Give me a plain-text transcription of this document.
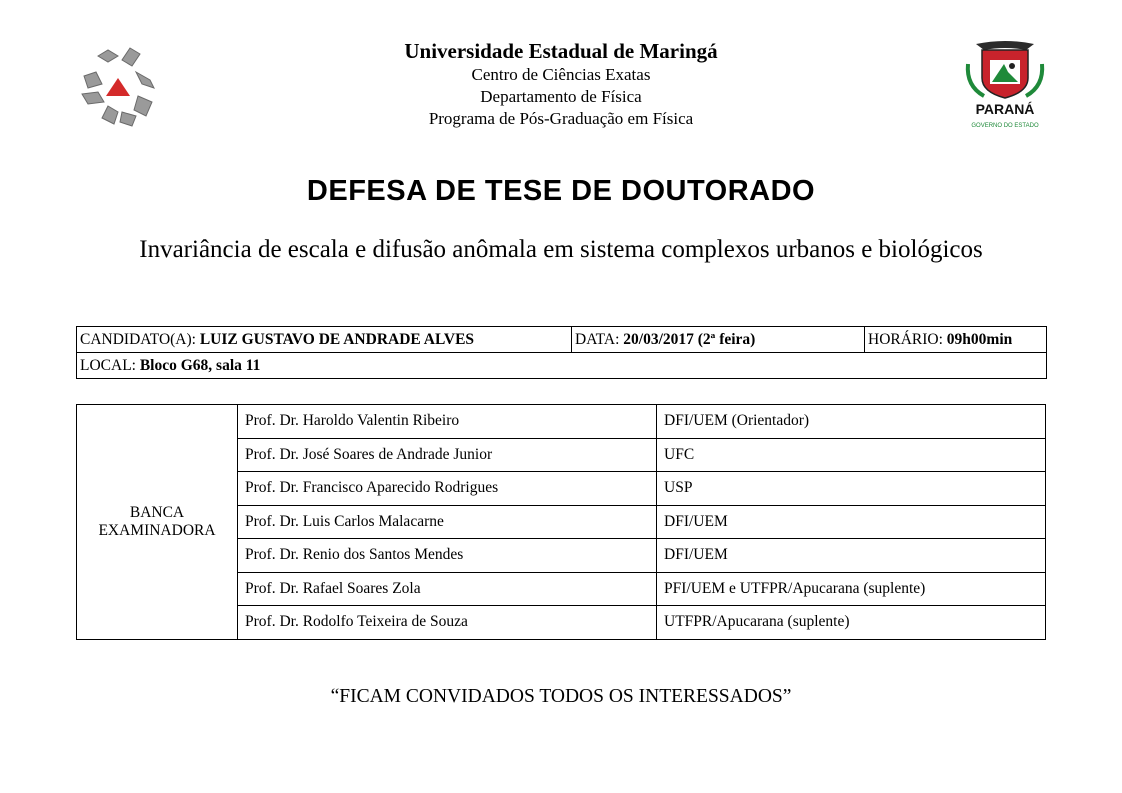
Universidade Estadual de Maringá
Centro de Ciências Exatas
Departamento de Física
Programa de Pós-Graduação em Física	PARANÁ
GOVERNO DO ESTADO
DEFESA DE TESE DE DOUTORADO
Invariância de escala e difusão anômala em sistema complexos urbanos e biológicos
CANDIDATO(A): LUIZ GUSTAVO DE ANDRADE ALVES	DATA: 20/03/2017 (2ª feira)	HORÁRIO: 09h00min
LOCAL: Bloco G68, sala 11
BANCA
EXAMINADORA	Prof. Dr. Haroldo Valentin Ribeiro	DFI/UEM (Orientador)
	Prof. Dr. José Soares de Andrade Junior	UFC
	Prof. Dr. Francisco Aparecido Rodrigues	USP
	Prof. Dr. Luis Carlos Malacarne	DFI/UEM
	Prof. Dr. Renio dos Santos Mendes	DFI/UEM
	Prof. Dr. Rafael Soares Zola	PFI/UEM e UTFPR/Apucarana (suplente)
	Prof. Dr. Rodolfo Teixeira de Souza	UTFPR/Apucarana (suplente)
“FICAM CONVIDADOS TODOS OS INTERESSADOS”
